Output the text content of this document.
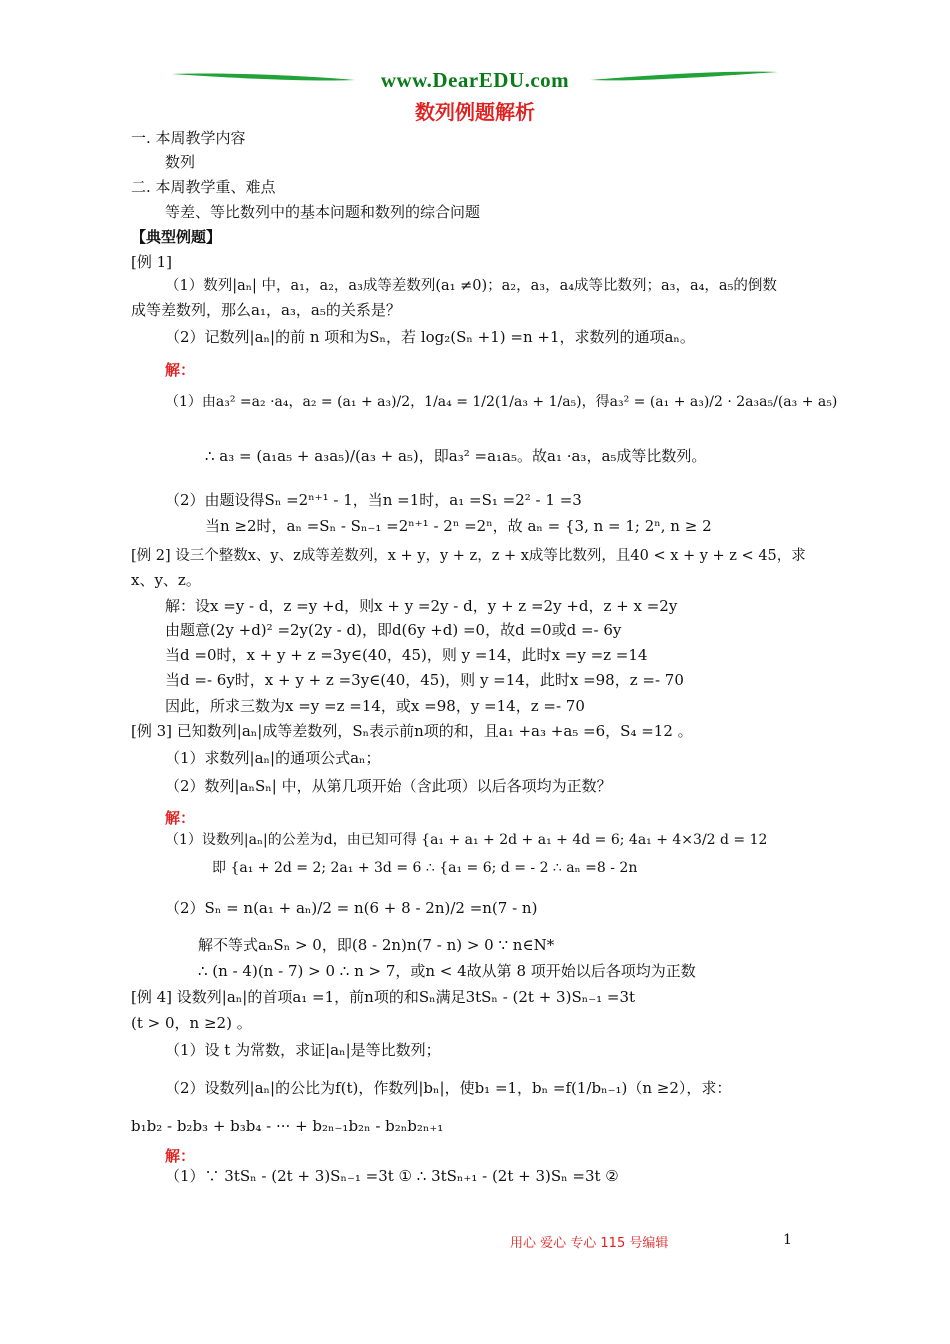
www.DearEDU.com
数列例题解析
一. 本周教学内容
数列
二. 本周教学重、难点
等差、等比数列中的基本问题和数列的综合问题
【典型例题】
[例 1]
（1）数列|aₙ| 中，a₁，a₂，a₃成等差数列(a₁ ≠0)；a₂，a₃，a₄成等比数列；a₃，a₄，a₅的倒数
成等差数列，那么a₁，a₃，a₅的关系是？
（2）记数列|aₙ|的前 n 项和为Sₙ，若 log₂(Sₙ +1) =n +1，求数列的通项aₙ。
解：
（1）由a₃² =a₂ ·a₄，a₂ = (a₁ + a₃)/2，1/a₄ = 1/2(1/a₃ + 1/a₅)，得a₃² = (a₁ + a₃)/2 · 2a₃a₅/(a₃ + a₅)
∴ a₃ = (a₁a₅ + a₃a₅)/(a₃ + a₅)，即a₃² =a₁a₅。故a₁ ·a₃，a₅成等比数列。
（2）由题设得Sₙ =2ⁿ⁺¹ - 1，当n =1时，a₁ =S₁ =2² - 1 =3
当n ≥2时，aₙ =Sₙ - Sₙ₋₁ =2ⁿ⁺¹ - 2ⁿ =2ⁿ，故 aₙ = {3, n = 1; 2ⁿ, n ≥ 2
[例 2] 设三个整数x、y、z成等差数列，x + y，y + z，z + x成等比数列，且40 < x + y + z < 45，求
x、y、z。
解：设x =y - d，z =y +d，则x + y =2y - d，y + z =2y +d，z + x =2y
由题意(2y +d)² =2y(2y - d)，即d(6y +d) =0，故d =0或d =- 6y
当d =0时，x + y + z =3y∈(40，45)，则 y =14，此时x =y =z =14
当d =- 6y时，x + y + z =3y∈(40，45)，则 y =14，此时x =98，z =- 70
因此，所求三数为x =y =z =14，或x =98，y =14，z =- 70
[例 3] 已知数列|aₙ|成等差数列，Sₙ表示前n项的和，且a₁ +a₃ +a₅ =6，S₄ =12 。
（1）求数列|aₙ|的通项公式aₙ；
（2）数列|aₙSₙ| 中，从第几项开始（含此项）以后各项均为正数？
解：
（1）设数列|aₙ|的公差为d，由已知可得 {a₁ + a₁ + 2d + a₁ + 4d = 6; 4a₁ + 4×3/2 d = 12
即 {a₁ + 2d = 2; 2a₁ + 3d = 6 ∴ {a₁ = 6; d = - 2 ∴ aₙ =8 - 2n
（2）Sₙ = n(a₁ + aₙ)/2 = n(6 + 8 - 2n)/2 =n(7 - n)
解不等式aₙSₙ > 0，即(8 - 2n)n(7 - n) > 0 ∵ n∈N*
∴ (n - 4)(n - 7) > 0 ∴ n > 7，或n < 4故从第 8 项开始以后各项均为正数
[例 4] 设数列|aₙ|的首项a₁ =1，前n项的和Sₙ满足3tSₙ - (2t + 3)Sₙ₋₁ =3t
(t > 0，n ≥2) 。
（1）设 t 为常数，求证|aₙ|是等比数列；
（2）设数列|aₙ|的公比为f(t)，作数列|bₙ|，使b₁ =1，bₙ =f(1/bₙ₋₁)（n ≥2），求：
b₁b₂ - b₂b₃ + b₃b₄ - ··· + b₂ₙ₋₁b₂ₙ - b₂ₙb₂ₙ₊₁
解：
（1）∵ 3tSₙ - (2t + 3)Sₙ₋₁ =3t ① ∴ 3tSₙ₊₁ - (2t + 3)Sₙ =3t ②
用心 爱心 专心 115 号编辑	1
